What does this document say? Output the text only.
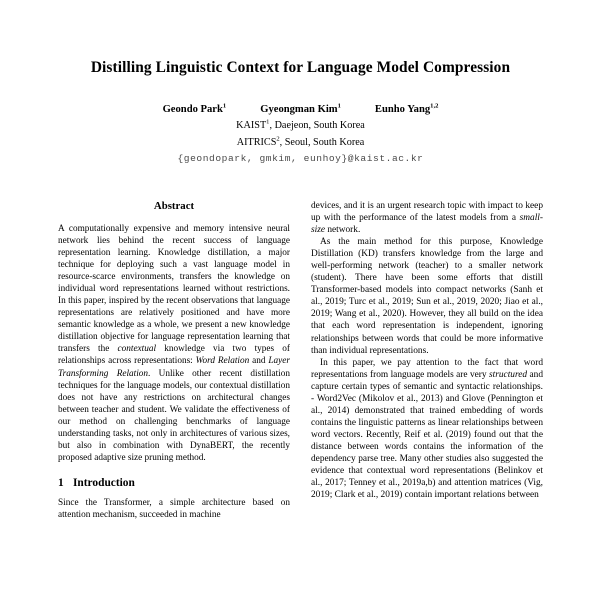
Distilling Linguistic Context for Language Model Compression
Geondo Park$^1$	Gyeongman Kim$^1$	Eunho Yang$^{1,2}$
KAIST$^1$, Daejeon, South Korea
AITRICS$^2$, Seoul, South Korea
{geondopark, gmkim, eunhoy}@kaist.ac.kr
Abstract

A computationally expensive and memory intensive neural network lies behind the recent success of language representation learning. Knowledge distillation, a major technique for deploying such a vast language model in resource-scarce environments, transfers the knowledge on individual word representations learned without restrictions. In this paper, inspired by the recent observations that language representations are relatively positioned and have more semantic knowledge as a whole, we present a new knowledge distillation objective for language representation learning that transfers the contextual knowledge via two types of relationships across representations: Word Relation and Layer Transforming Relation. Unlike other recent distillation techniques for the language models, our contextual distillation does not have any restrictions on architectural changes between teacher and student. We validate the effectiveness of our method on challenging benchmarks of language understanding tasks, not only in architectures of various sizes, but also in combination with DynaBERT, the recently proposed adaptive size pruning method.

1 Introduction

Since the Transformer, a simple architecture based on attention mechanism, succeeded in machine

devices, and it is an urgent research topic with impact to keep up with the performance of the latest models from a small-size network.

As the main method for this purpose, Knowledge Distillation (KD) transfers knowledge from the large and well-performing network (teacher) to a smaller network (student). There have been some efforts that distill Transformer-based models into compact networks (Sanh et al., 2019; Turc et al., 2019; Sun et al., 2019, 2020; Jiao et al., 2019; Wang et al., 2020). However, they all build on the idea that each word representation is independent, ignoring relationships between words that could be more informative than individual representations.

In this paper, we pay attention to the fact that word representations from language models are very structured and capture certain types of semantic and syntactic relationships. - Word2Vec (Mikolov et al., 2013) and Glove (Pennington et al., 2014) demonstrated that trained embedding of words contains the linguistic patterns as linear relationships between word vectors. Recently, Reif et al. (2019) found out that the distance between words contains the information of the dependency parse tree. Many other studies also suggested the evidence that contextual word representations (Belinkov et al., 2017; Tenney et al., 2019a,b) and attention matrices (Vig, 2019; Clark et al., 2019) contain important relations between
